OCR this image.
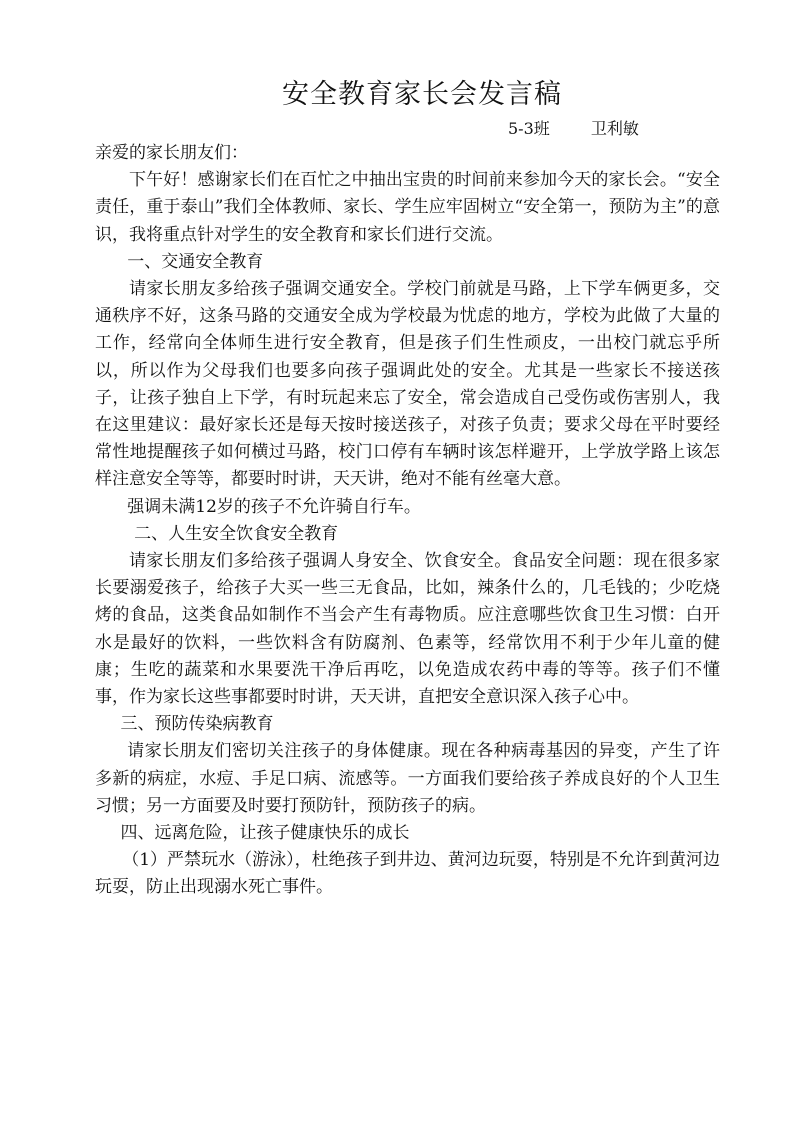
安全教育家长会发言稿
5-3班	卫利敏

亲爱的家长朋友们：

下午好！感谢家长们在百忙之中抽出宝贵的时间前来参加今天的家长会。“安全责任，重于泰山”我们全体教师、家长、学生应牢固树立“安全第一，预防为主”的意识，我将重点针对学生的安全教育和家长们进行交流。

一、交通安全教育

请家长朋友多给孩子强调交通安全。学校门前就是马路，上下学车俩更多，交通秩序不好，这条马路的交通安全成为学校最为忧虑的地方，学校为此做了大量的工作，经常向全体师生进行安全教育，但是孩子们生性顽皮，一出校门就忘乎所以，所以作为父母我们也要多向孩子强调此处的安全。尤其是一些家长不接送孩子，让孩子独自上下学，有时玩起来忘了安全，常会造成自己受伤或伤害别人，我在这里建议：最好家长还是每天按时接送孩子，对孩子负责；要求父母在平时要经常性地提醒孩子如何横过马路，校门口停有车辆时该怎样避开，上学放学路上该怎样注意安全等等，都要时时讲，天天讲，绝对不能有丝毫大意。

强调未满12岁的孩子不允许骑自行车。

二、人生安全饮食安全教育

请家长朋友们多给孩子强调人身安全、饮食安全。食品安全问题：现在很多家长要溺爱孩子，给孩子大买一些三无食品，比如，辣条什么的，几毛钱的；少吃烧烤的食品，这类食品如制作不当会产生有毒物质。应注意哪些饮食卫生习惯：白开水是最好的饮料，一些饮料含有防腐剂、色素等，经常饮用不利于少年儿童的健康；生吃的蔬菜和水果要洗干净后再吃，以免造成农药中毒的等等。孩子们不懂事，作为家长这些事都要时时讲，天天讲，直把安全意识深入孩子心中。

三、预防传染病教育

请家长朋友们密切关注孩子的身体健康。现在各种病毒基因的异变，产生了许多新的病症，水痘、手足口病、流感等。一方面我们要给孩子养成良好的个人卫生习惯；另一方面要及时要打预防针，预防孩子的病。

四、远离危险，让孩子健康快乐的成长

（1）严禁玩水（游泳），杜绝孩子到井边、黄河边玩耍，特别是不允许到黄河边玩耍，防止出现溺水死亡事件。
